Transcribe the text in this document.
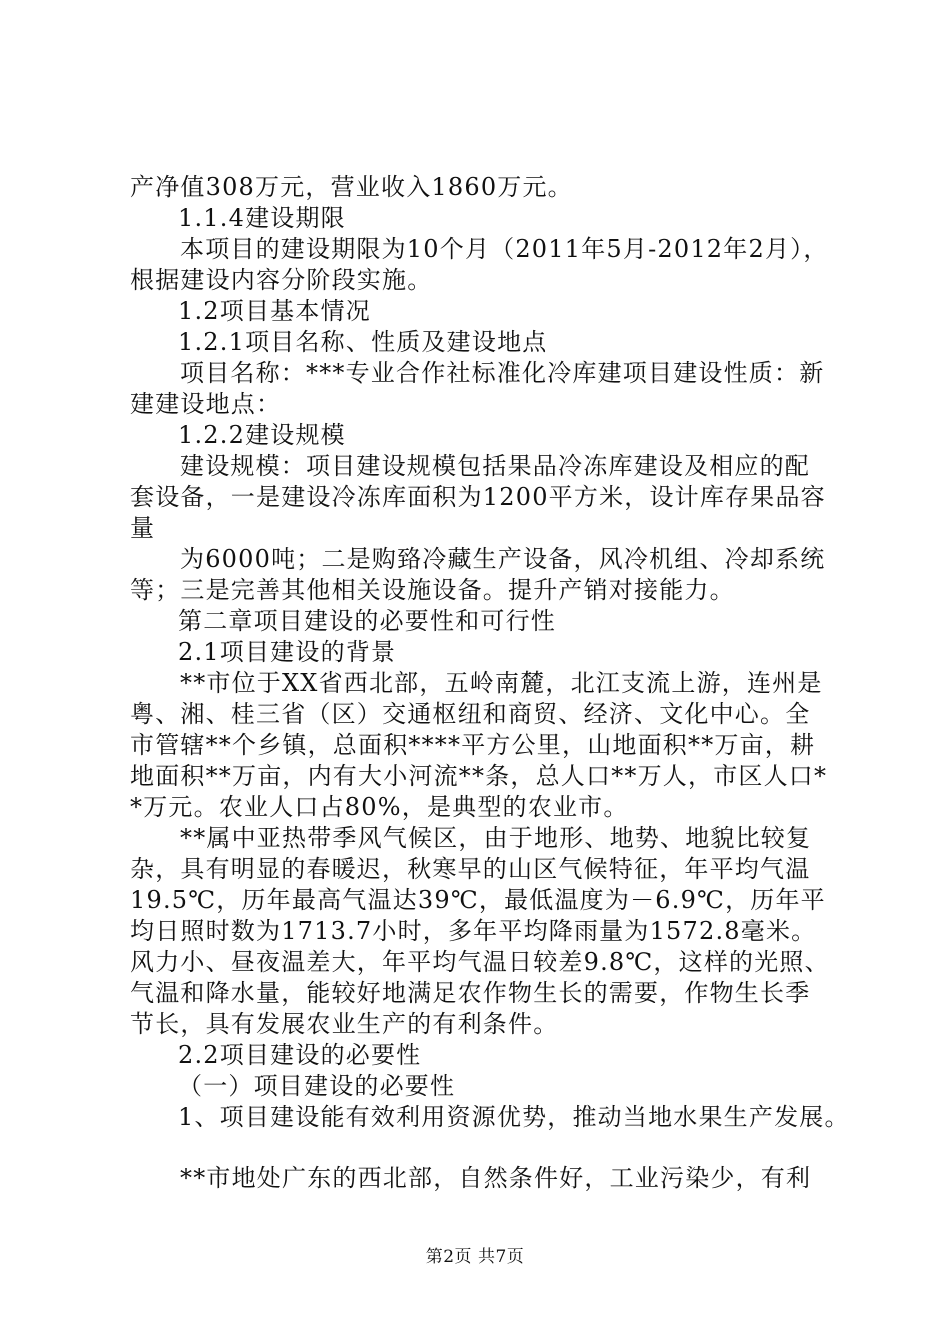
产净值308万元，营业收入1860万元。
1.1.4建设期限
本项目的建设期限为10个月（2011年5月-2012年2月），
根据建设内容分阶段实施。
1.2项目基本情况
1.2.1项目名称、性质及建设地点
项目名称：***专业合作社标准化冷库建项目建设性质：新
建建设地点：
1.2.2建设规模
建设规模：项目建设规模包括果品冷冻库建设及相应的配
套设备，一是建设冷冻库面积为1200平方米，设计库存果品容
量
为6000吨；二是购臵冷藏生产设备，风冷机组、冷却系统
等；三是完善其他相关设施设备。提升产销对接能力。
第二章项目建设的必要性和可行性
2.1项目建设的背景
**市位于XX省西北部，五岭南麓，北江支流上游，连州是
粤、湘、桂三省（区）交通枢纽和商贸、经济、文化中心。全
市管辖**个乡镇，总面积****平方公里，山地面积**万亩，耕
地面积**万亩，内有大小河流**条，总人口**万人，市区人口*
*万元。农业人口占80%，是典型的农业市。
**属中亚热带季风气候区，由于地形、地势、地貌比较复
杂，具有明显的春暖迟，秋寒早的山区气候特征，年平均气温
19.5℃，历年最高气温达39℃，最低温度为－6.9℃，历年平
均日照时数为1713.7小时，多年平均降雨量为1572.8毫米。
风力小、昼夜温差大，年平均气温日较差9.8℃，这样的光照、
气温和降水量，能较好地满足农作物生长的需要，作物生长季
节长，具有发展农业生产的有利条件。
2.2项目建设的必要性
（一）项目建设的必要性
1、项目建设能有效利用资源优势，推动当地水果生产发展。
**市地处广东的西北部，自然条件好，工业污染少，有利
第2页 共7页
